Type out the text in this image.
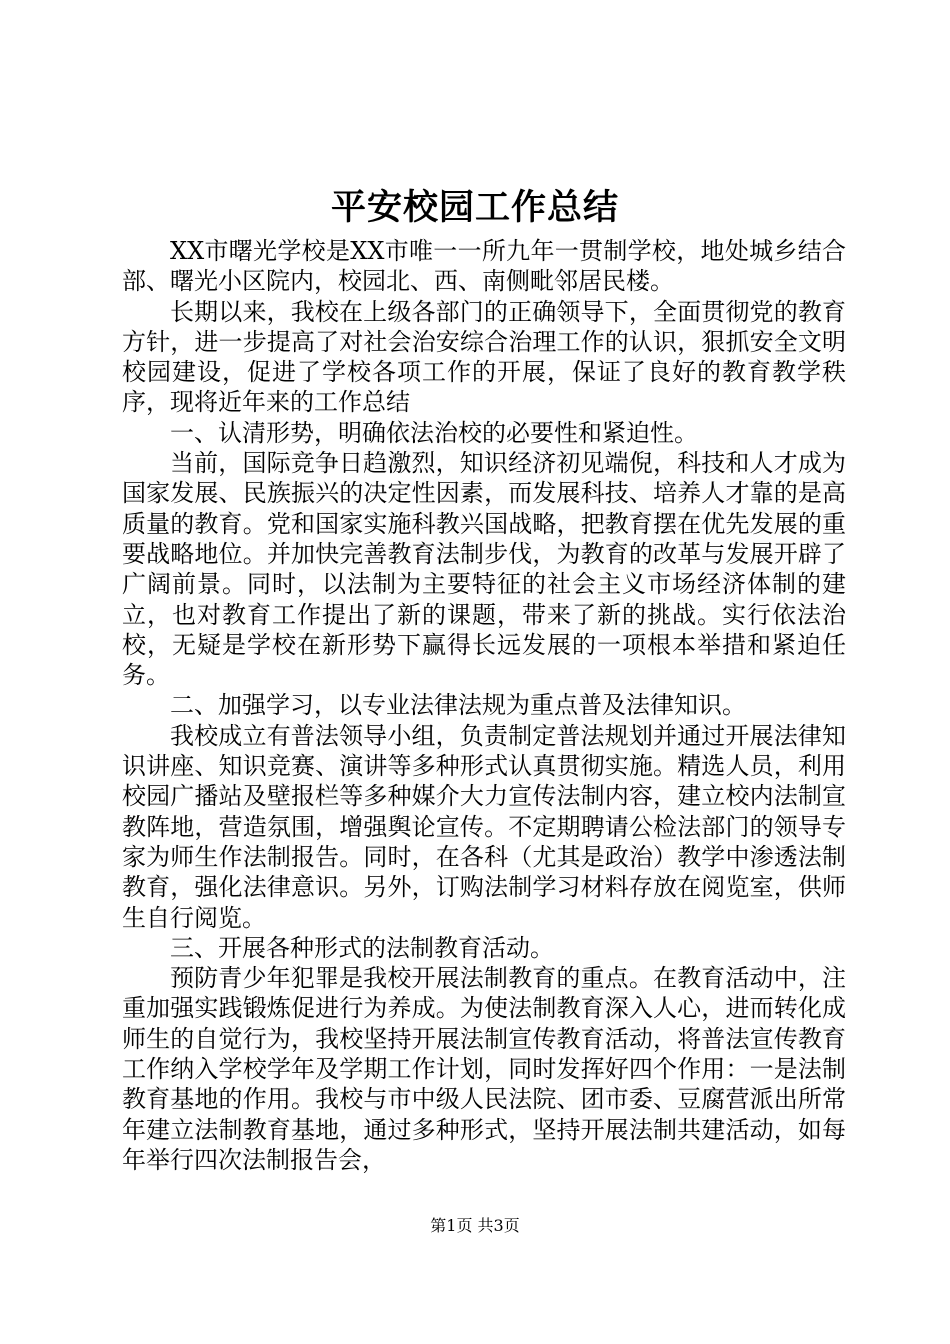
平安校园工作总结

XX市曙光学校是XX市唯一一所九年一贯制学校，地处城乡结合部、曙光小区院内，校园北、西、南侧毗邻居民楼。

长期以来，我校在上级各部门的正确领导下，全面贯彻党的教育方针，进一步提高了对社会治安综合治理工作的认识，狠抓安全文明校园建设，促进了学校各项工作的开展，保证了良好的教育教学秩序，现将近年来的工作总结

一、认清形势，明确依法治校的必要性和紧迫性。

当前，国际竞争日趋激烈，知识经济初见端倪，科技和人才成为国家发展、民族振兴的决定性因素，而发展科技、培养人才靠的是高质量的教育。党和国家实施科教兴国战略，把教育摆在优先发展的重要战略地位。并加快完善教育法制步伐，为教育的改革与发展开辟了广阔前景。同时，以法制为主要特征的社会主义市场经济体制的建立，也对教育工作提出了新的课题，带来了新的挑战。实行依法治校，无疑是学校在新形势下赢得长远发展的一项根本举措和紧迫任务。

二、加强学习，以专业法律法规为重点普及法律知识。

我校成立有普法领导小组，负责制定普法规划并通过开展法律知识讲座、知识竞赛、演讲等多种形式认真贯彻实施。精选人员，利用校园广播站及壁报栏等多种媒介大力宣传法制内容，建立校内法制宣教阵地，营造氛围，增强舆论宣传。不定期聘请公检法部门的领导专家为师生作法制报告。同时，在各科（尤其是政治）教学中渗透法制教育，强化法律意识。另外，订购法制学习材料存放在阅览室，供师生自行阅览。

三、开展各种形式的法制教育活动。

预防青少年犯罪是我校开展法制教育的重点。在教育活动中，注重加强实践锻炼促进行为养成。为使法制教育深入人心，进而转化成师生的自觉行为，我校坚持开展法制宣传教育活动，将普法宣传教育工作纳入学校学年及学期工作计划，同时发挥好四个作用：一是法制教育基地的作用。我校与市中级人民法院、团市委、豆腐营派出所常年建立法制教育基地，通过多种形式，坚持开展法制共建活动，如每年举行四次法制报告会，

第1页 共3页
